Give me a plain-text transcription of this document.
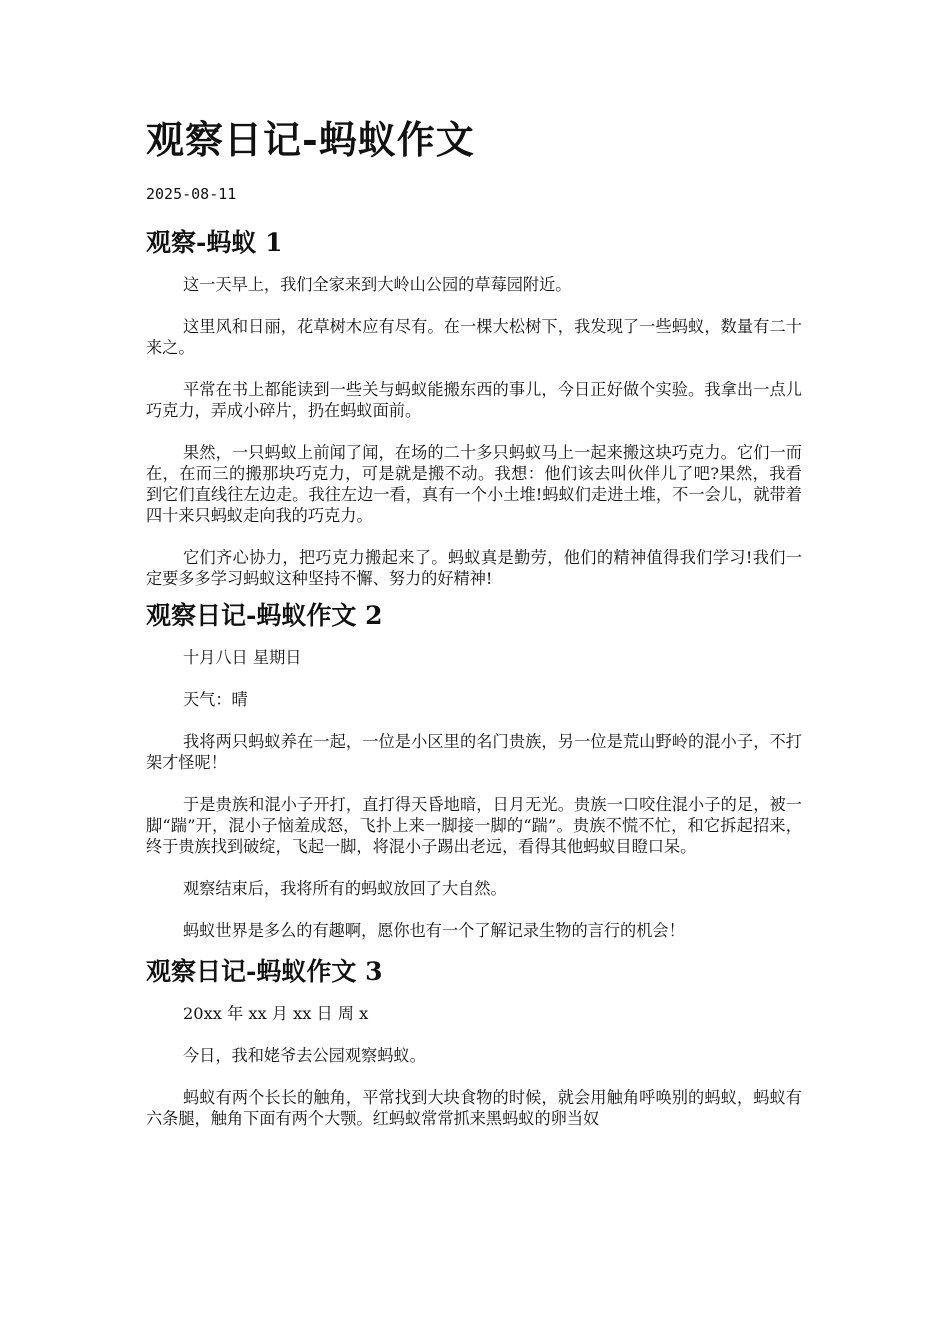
观察日记-蚂蚁作文
2025-08-11
观察-蚂蚁 1

这一天早上，我们全家来到大岭山公园的草莓园附近。

这里风和日丽，花草树木应有尽有。在一棵大松树下，我发现了一些蚂蚁，数量有二十来之。

平常在书上都能读到一些关与蚂蚁能搬东西的事儿，今日正好做个实验。我拿出一点儿巧克力，弄成小碎片，扔在蚂蚁面前。

果然，一只蚂蚁上前闻了闻，在场的二十多只蚂蚁马上一起来搬这块巧克力。它们一而在，在而三的搬那块巧克力，可是就是搬不动。我想：他们该去叫伙伴儿了吧?果然，我看到它们直线往左边走。我往左边一看，真有一个小土堆!蚂蚁们走进土堆，不一会儿，就带着四十来只蚂蚁走向我的巧克力。

它们齐心协力，把巧克力搬起来了。蚂蚁真是勤劳，他们的精神值得我们学习!我们一定要多多学习蚂蚁这种坚持不懈、努力的好精神!

观察日记-蚂蚁作文 2

十月八日 星期日

天气：晴

我将两只蚂蚁养在一起，一位是小区里的名门贵族，另一位是荒山野岭的混小子，不打架才怪呢！

于是贵族和混小子开打，直打得天昏地暗，日月无光。贵族一口咬住混小子的足，被一脚“踹”开，混小子恼羞成怒，飞扑上来一脚接一脚的“踹”。贵族不慌不忙，和它拆起招来，终于贵族找到破绽，飞起一脚，将混小子踢出老远，看得其他蚂蚁目瞪口呆。

观察结束后，我将所有的蚂蚁放回了大自然。

蚂蚁世界是多么的有趣啊，愿你也有一个了解记录生物的言行的机会！

观察日记-蚂蚁作文 3

20xx 年 xx 月 xx 日 周 x

今日，我和姥爷去公园观察蚂蚁。

蚂蚁有两个长长的触角，平常找到大块食物的时候，就会用触角呼唤别的蚂蚁，蚂蚁有六条腿，触角下面有两个大颚。红蚂蚁常常抓来黑蚂蚁的卵当奴
